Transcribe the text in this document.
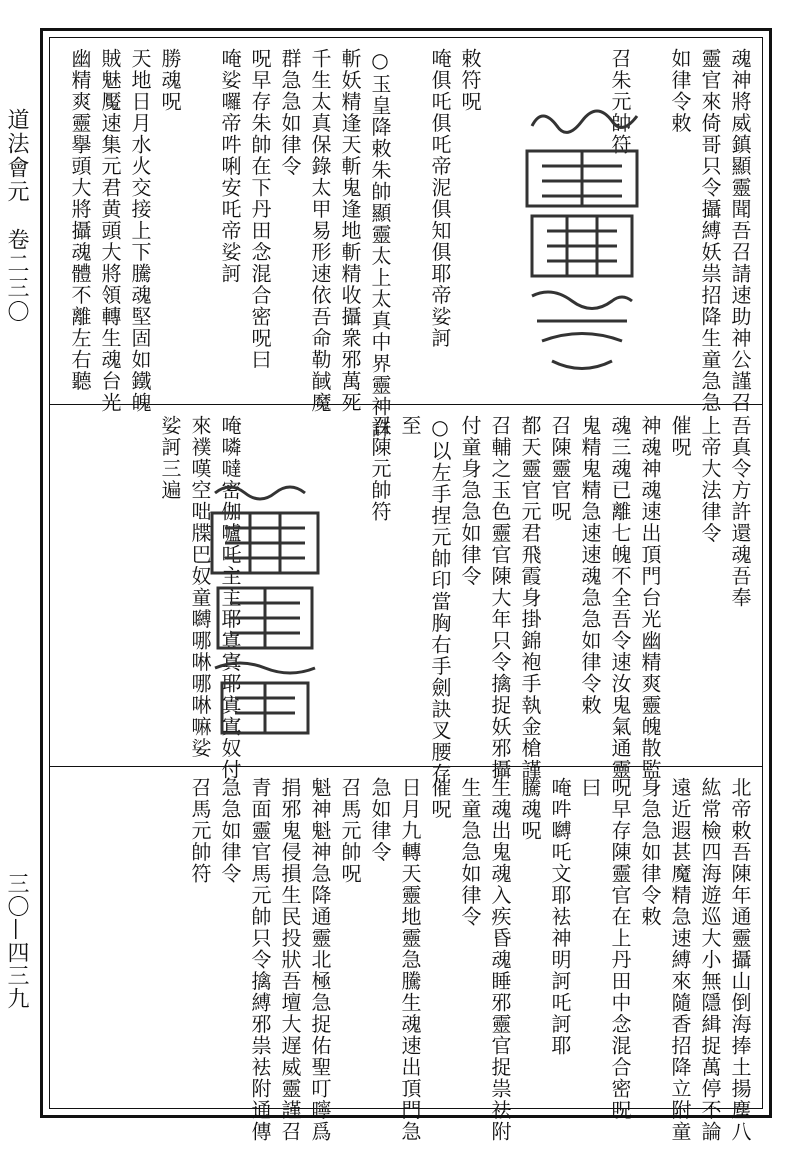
道法會元　卷二三〇
三〇—四三九
魂神將威鎮顯靈聞吾召請速助神公謹召
靈官來倚哥只令攝縛妖祟招降生童急急
如律令敕
召朱元帥符
敕符呪
唵俱吒俱吒帝泥俱知俱耶帝娑訶
○玉皇降敕朱帥顯靈太上太真中界靈神誅
斬妖精逢天斬鬼逢地斬精收攝衆邪萬死
千生太真保錄太甲易形速依吾命勒馘魔
群急急如律令
呪早存朱帥在下丹田念混合密呪曰
唵娑囉帝吽唎安吒帝娑訶
勝魂呪
天地日月水火交接上下騰魂堅固如鐵魄
賊魅魘速集元君黄頭大將領轉生魂台光
幽精爽靈擧頭大將攝魂體不離左右聽
吾真令方許還魂吾奉
上帝大法律令
催呪
神魂神魂速出頂門台光幽精爽靈魄散監
魂三魂已離七魄不全吾令速汝鬼氣通靈
鬼精鬼精急速速魂急急如律令敕
召陳靈官呪
都天靈官元君飛霞身掛錦袍手執金槍謹
召輔之玉色靈官陳大年只令擒捉妖邪攝
付童身急急如律令
○以左手捏元帥印當胸右手劍訣叉腰存
至
召陳元帥符
唵噒噠密伽嚧吒主主耶寘寘耶寘寘奴付
來襆嘆空咄牒巴奴童嚩哪啉哪啉嘛娑
娑訶三遍
北帝敕吾陳年通靈攝山倒海捧土揚塵八
紘常檢四海遊巡大小無隱緝捉萬停不論
遠近遐甚魔精急速縛來隨香招降立附童
身急急如律令敕
呪早存陳靈官在上丹田中念混合密呪
曰
唵吽嚩吒文耶袪神明訶吒訶耶
騰魂呪
生魂出鬼魂入疾昏魂睡邪靈官捉祟祛附
生童急急如律令
催呪
日月九轉天靈地靈急騰生魂速出頂門急
急如律令
召馬元帥呪
魁神魁神急降通靈北極急捉佑聖叮嚀爲
捐邪鬼侵損生民投狀吾壇大遅威靈謹召
青面靈官馬元帥只令擒縛邪祟袪附通傳
急急如律令
召馬元帥符
